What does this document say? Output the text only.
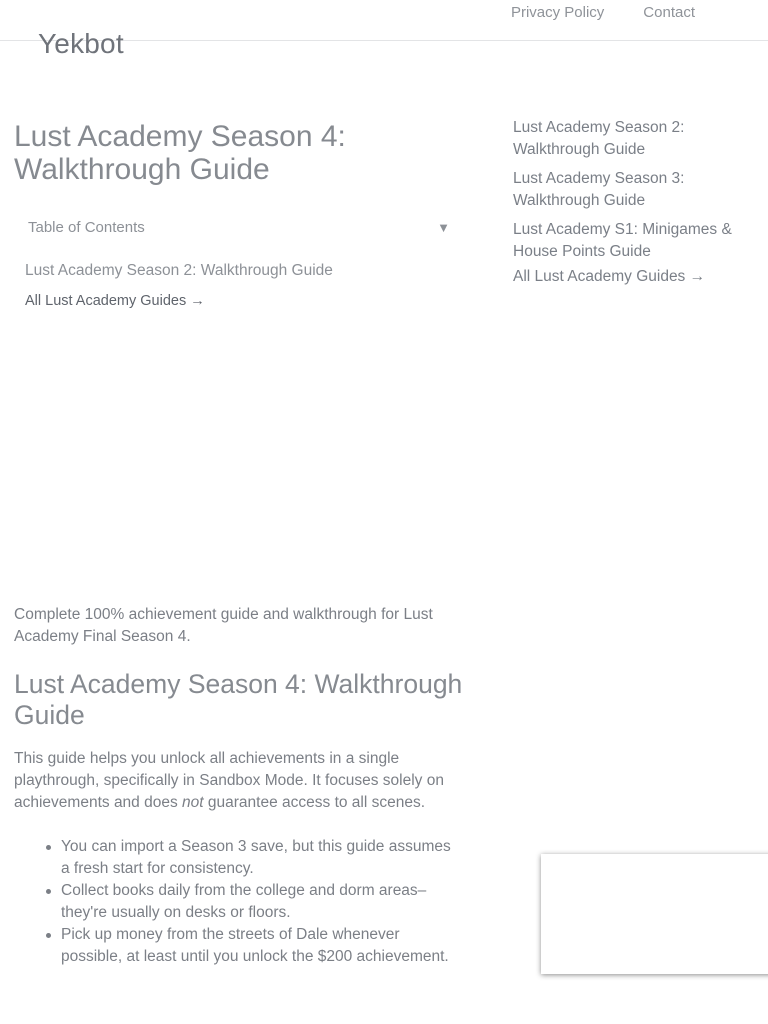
Yekbot
Privacy Policy	Contact
Lust Academy Season 4: Walkthrough Guide
Table of Contents	▼
Lust Academy Season 2: Walkthrough Guide
All Lust Academy Guides →

Complete 100% achievement guide and walkthrough for Lust Academy Final Season 4.

Lust Academy Season 4: Walkthrough Guide

This guide helps you unlock all achievements in a single playthrough, specifically in Sandbox Mode. It focuses solely on achievements and does not guarantee access to all scenes.

You can import a Season 3 save, but this guide assumes a fresh start for consistency.
Collect books daily from the college and dorm areas–they're usually on desks or floors.
Pick up money from the streets of Dale whenever possible, at least until you unlock the $200 achievement.
Lust Academy Season 2: Walkthrough Guide
Lust Academy Season 3: Walkthrough Guide
Lust Academy S1: Minigames & House Points Guide
All Lust Academy Guides →
